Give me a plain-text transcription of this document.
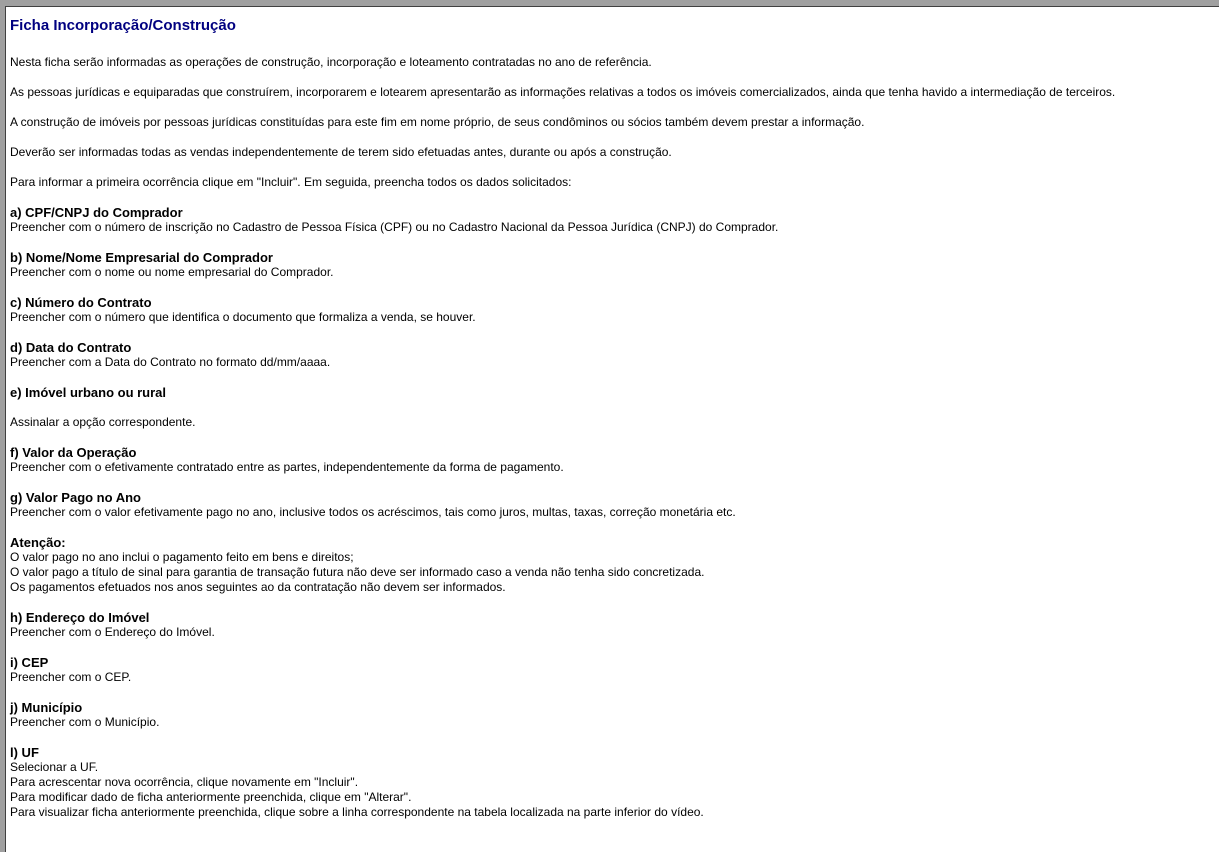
Ficha Incorporação/Construção
Nesta ficha serão informadas as operações de construção, incorporação e loteamento contratadas no ano de referência.
As pessoas jurídicas e equiparadas que construírem, incorporarem e lotearem apresentarão as informações relativas a todos os imóveis comercializados, ainda que tenha havido a intermediação de terceiros.
A construção de imóveis por pessoas jurídicas constituídas para este fim em nome próprio, de seus condôminos ou sócios também devem prestar a informação.
Deverão ser informadas todas as vendas independentemente de terem sido efetuadas antes, durante ou após a construção.
Para informar a primeira ocorrência clique em "Incluir". Em seguida, preencha todos os dados solicitados:
a) CPF/CNPJ do Comprador
Preencher com o número de inscrição no Cadastro de Pessoa Física (CPF) ou no Cadastro Nacional da Pessoa Jurídica (CNPJ) do Comprador.
b) Nome/Nome Empresarial do Comprador
Preencher com o nome ou nome empresarial do Comprador.
c) Número do Contrato
Preencher com o número que identifica o documento que formaliza a venda, se houver.
d) Data do Contrato
Preencher com a Data do Contrato no formato dd/mm/aaaa.
e) Imóvel urbano ou rural
Assinalar a opção correspondente.
f) Valor da Operação
Preencher com o efetivamente contratado entre as partes, independentemente da forma de pagamento.
g) Valor Pago no Ano
Preencher com o valor efetivamente pago no ano, inclusive todos os acréscimos, tais como juros, multas, taxas, correção monetária etc.
Atenção:
O valor pago no ano inclui o pagamento feito em bens e direitos;
O valor pago a título de sinal para garantia de transação futura não deve ser informado caso a venda não tenha sido concretizada.
Os pagamentos efetuados nos anos seguintes ao da contratação não devem ser informados.
h) Endereço do Imóvel
Preencher com o Endereço do Imóvel.
i) CEP
Preencher com o CEP.
j) Município
Preencher com o Município.
l) UF
Selecionar a UF.
Para acrescentar nova ocorrência, clique novamente em "Incluir".
Para modificar dado de ficha anteriormente preenchida, clique em "Alterar".
Para visualizar ficha anteriormente preenchida, clique sobre a linha correspondente na tabela localizada na parte inferior do vídeo.
